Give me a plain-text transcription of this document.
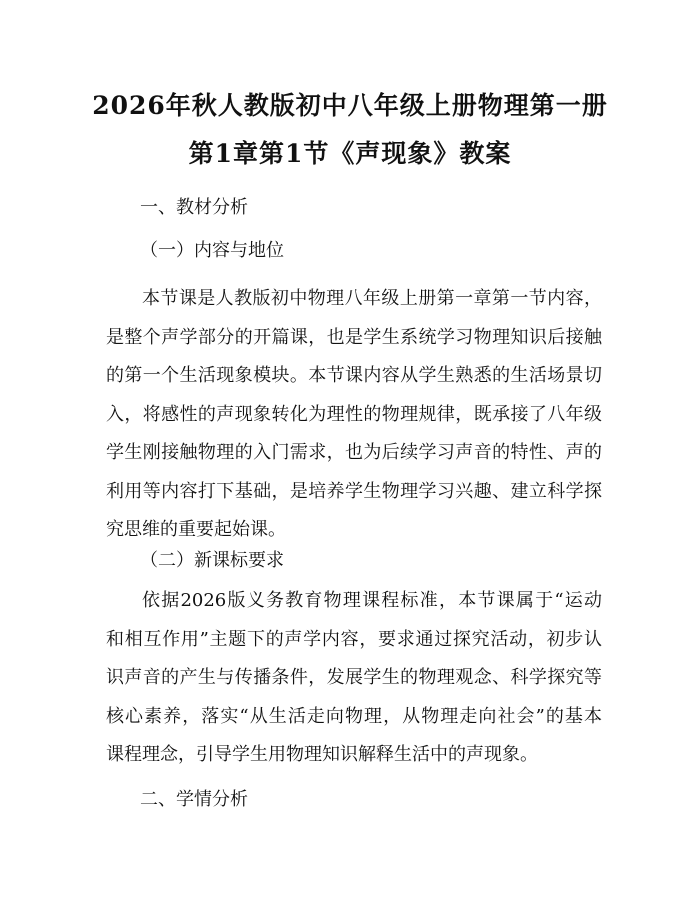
2026年秋人教版初中八年级上册物理第一册
第1章第1节《声现象》教案
一、教材分析
（一）内容与地位
本节课是人教版初中物理八年级上册第一章第一节内容，
是整个声学部分的开篇课，也是学生系统学习物理知识后接触
的第一个生活现象模块。本节课内容从学生熟悉的生活场景切
入，将感性的声现象转化为理性的物理规律，既承接了八年级
学生刚接触物理的入门需求，也为后续学习声音的特性、声的
利用等内容打下基础，是培养学生物理学习兴趣、建立科学探
究思维的重要起始课。
（二）新课标要求
依据2026版义务教育物理课程标准，本节课属于“运动
和相互作用”主题下的声学内容，要求通过探究活动，初步认
识声音的产生与传播条件，发展学生的物理观念、科学探究等
核心素养，落实“从生活走向物理，从物理走向社会”的基本
课程理念，引导学生用物理知识解释生活中的声现象。
二、学情分析
